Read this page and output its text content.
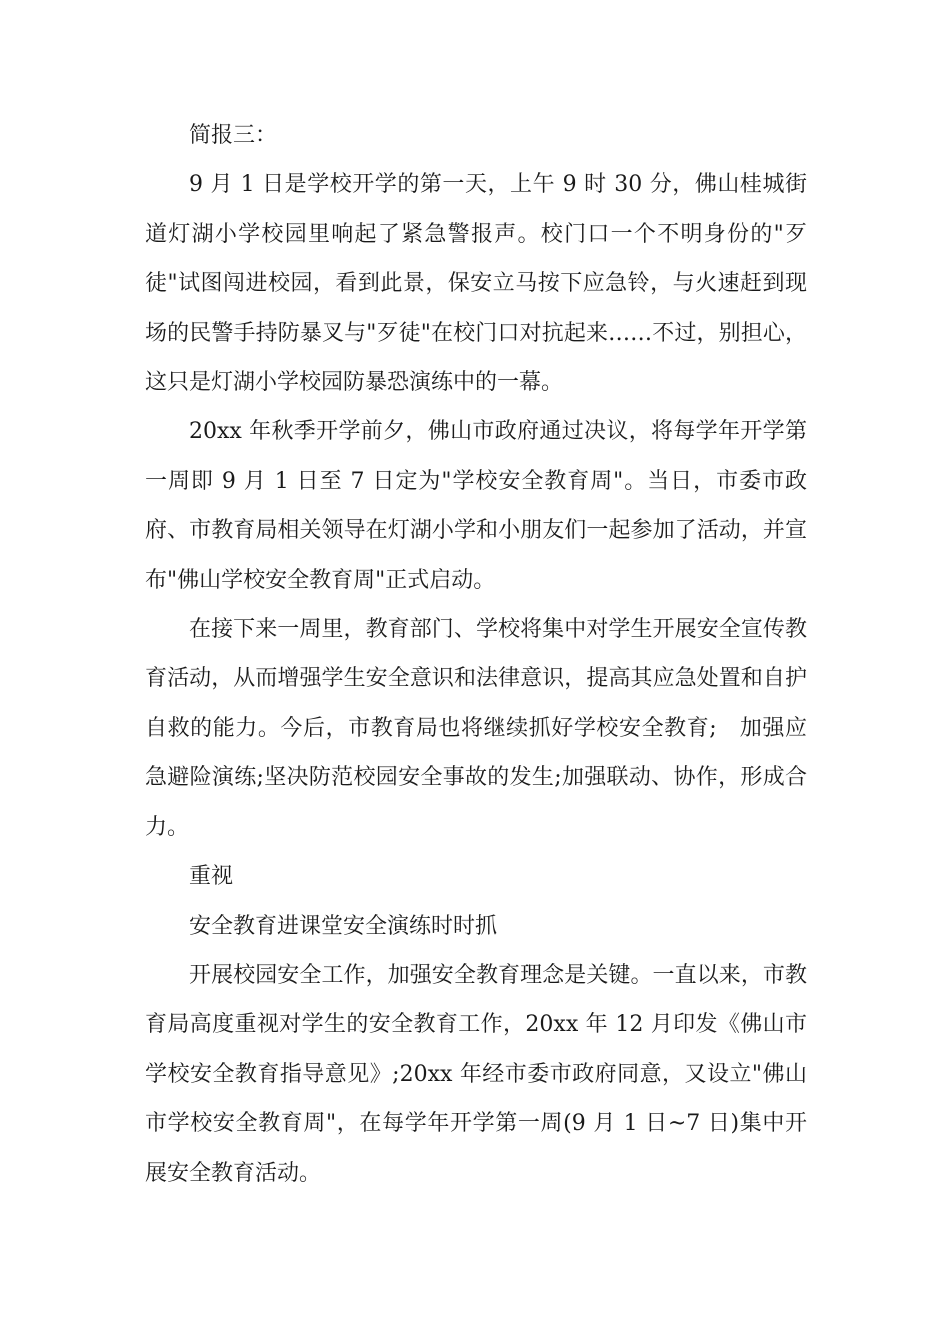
简报三：

9 月 1 日是学校开学的第一天，上午 9 时 30 分，佛山桂城街道灯湖小学校园里响起了紧急警报声。校门口一个不明身份的"歹徒"试图闯进校园，看到此景，保安立马按下应急铃，与火速赶到现场的民警手持防暴叉与"歹徒"在校门口对抗起来……不过，别担心，这只是灯湖小学校园防暴恐演练中的一幕。

20xx 年秋季开学前夕，佛山市政府通过决议，将每学年开学第一周即 9 月 1 日至 7 日定为"学校安全教育周"。当日，市委市政府、市教育局相关领导在灯湖小学和小朋友们一起参加了活动，并宣布"佛山学校安全教育周"正式启动。

在接下来一周里，教育部门、学校将集中对学生开展安全宣传教育活动，从而增强学生安全意识和法律意识，提高其应急处置和自护自救的能力。今后，市教育局也将继续抓好学校安全教育;　加强应急避险演练;坚决防范校园安全事故的发生;加强联动、协作，形成合力。

重视

安全教育进课堂安全演练时时抓

开展校园安全工作，加强安全教育理念是关键。一直以来，市教育局高度重视对学生的安全教育工作，20xx 年 12 月印发《佛山市学校安全教育指导意见》;20xx 年经市委市政府同意，又设立"佛山市学校安全教育周"，在每学年开学第一周(9 月 1 日~7 日)集中开展安全教育活动。
